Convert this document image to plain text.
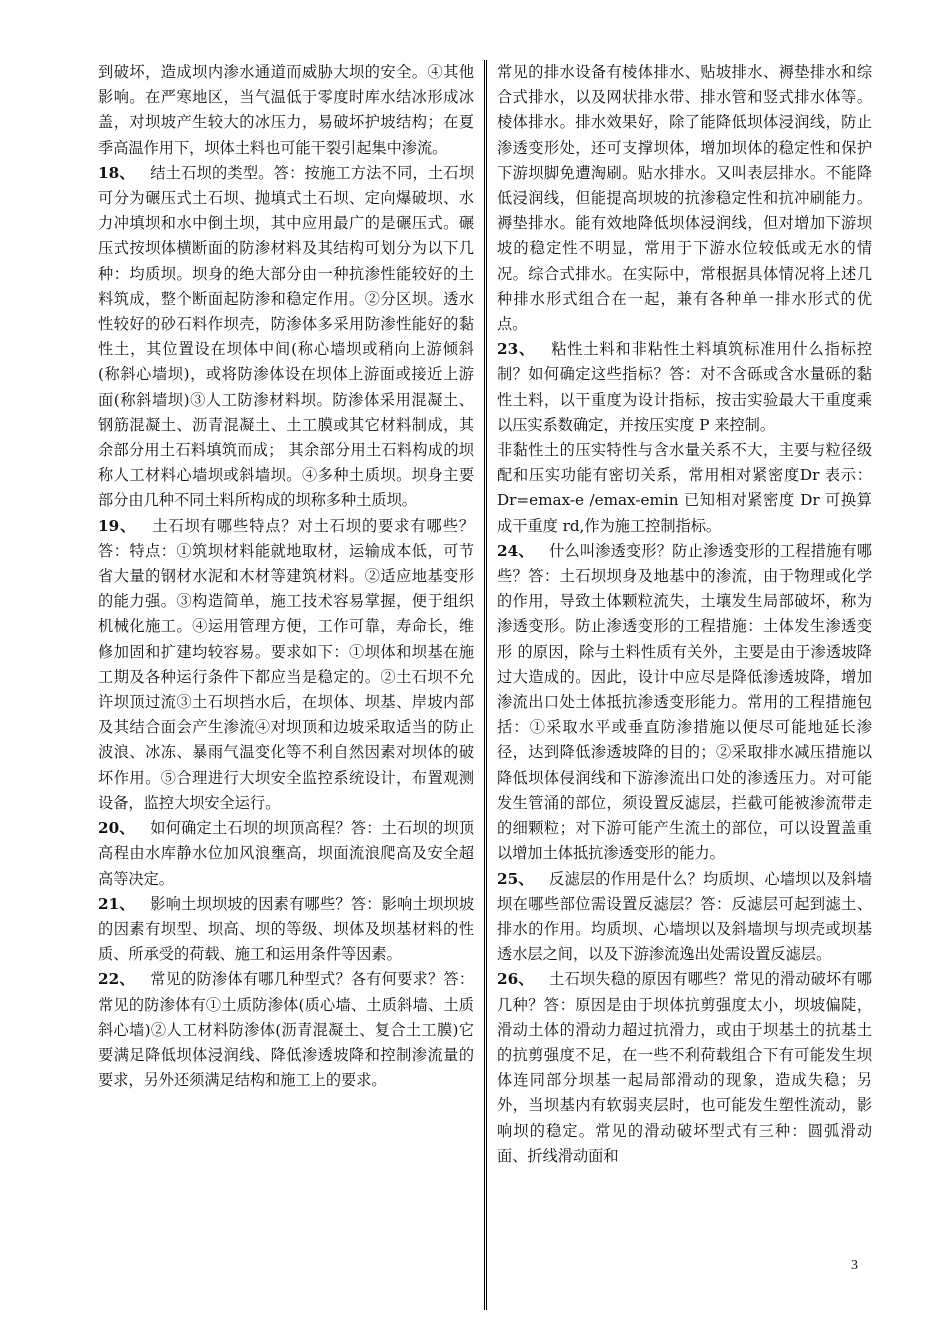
到破坏，造成坝内渗水通道而威胁大坝的安全。④其他影响。在严寒地区，当气温低于零度时库水结冰形成冰盖，对坝坡产生较大的冰压力，易破坏护坡结构；在夏季高温作用下，坝体土料也可能干裂引起集中渗流。

18、  结土石坝的类型。答：按施工方法不同，土石坝可分为碾压式土石坝、抛填式土石坝、定向爆破坝、水力冲填坝和水中倒土坝，其中应用最广的是碾压式。碾压式按坝体横断面的防渗材料及其结构可划分为以下几种：均质坝。坝身的绝大部分由一种抗渗性能较好的土料筑成，整个断面起防渗和稳定作用。②分区坝。透水性较好的砂石料作坝壳，防渗体多采用防渗性能好的黏性土，其位置设在坝体中间(称心墙坝或稍向上游倾斜(称斜心墙坝)，或将防渗体设在坝体上游面或接近上游面(称斜墙坝)③人工防渗材料坝。防渗体采用混凝土、钢筋混凝土、沥青混凝土、土工膜或其它材料制成，其余部分用土石料填筑而成； 其余部分用土石料构成的坝称人工材料心墙坝或斜墙坝。④多种土质坝。坝身主要部分由几种不同土料所构成的坝称多种土质坝。

19、  土石坝有哪些特点？对土石坝的要求有哪些？答：特点：①筑坝材料能就地取材，运输成本低，可节省大量的钢材水泥和木材等建筑材料。②适应地基变形的能力强。③构造简单，施工技术容易掌握，便于组织机械化施工。④运用管理方便，工作可靠，寿命长，维修加固和扩建均较容易。要求如下：①坝体和坝基在施工期及各种运行条件下都应当是稳定的。②土石坝不允许坝顶过流③土石坝挡水后，在坝体、坝基、岸坡内部及其结合面会产生渗流④对坝顶和边坡采取适当的防止波浪、冰冻、暴雨气温变化等不利自然因素对坝体的破坏作用。⑤合理进行大坝安全监控系统设计，布置观测设备，监控大坝安全运行。

20、  如何确定土石坝的坝顶高程？答：土石坝的坝顶高程由水库静水位加风浪壅高，坝面流浪爬高及安全超高等决定。

21、  影响土坝坝坡的因素有哪些？答：影响土坝坝坡的因素有坝型、坝高、坝的等级、坝体及坝基材料的性质、所承受的荷载、施工和运用条件等因素。

22、  常见的防渗体有哪几种型式？各有何要求？答：常见的防渗体有①土质防渗体(质心墙、土质斜墙、土质斜心墙)②人工材料防渗体(沥青混凝土、复合土工膜)它要满足降低坝体浸润线、降低渗透坡降和控制渗流量的要求，另外还须满足结构和施工上的要求。

常见的排水设备有棱体排水、贴坡排水、褥垫排水和综合式排水，以及网状排水带、排水管和竖式排水体等。棱体排水。排水效果好，除了能降低坝体浸润线，防止渗透变形处，还可支撑坝体，增加坝体的稳定性和保护下游坝脚免遭淘刷。贴水排水。又叫表层排水。不能降低浸润线，但能提高坝坡的抗渗稳定性和抗冲刷能力。褥垫排水。能有效地降低坝体浸润线，但对增加下游坝坡的稳定性不明显，常用于下游水位较低或无水的情况。综合式排水。在实际中，常根据具体情况将上述几种排水形式组合在一起，兼有各种单一排水形式的优点。

23、  粘性土料和非粘性土料填筑标准用什么指标控制？如何确定这些指标？答：对不含砾或含水量砾的黏性土料，以干重度为设计指标，按击实验最大干重度乘以压实系数确定，并按压实度 P 来控制。

非黏性土的压实特性与含水量关系不大，主要与粒径级配和压实功能有密切关系，常用相对紧密度Dr 表示：Dr=emax-e /emax-emin 已知相对紧密度 Dr 可换算成干重度 rd,作为施工控制指标。

24、  什么叫渗透变形？防止渗透变形的工程措施有哪些？答：土石坝坝身及地基中的渗流，由于物理或化学的作用，导致土体颗粒流失，土壤发生局部破坏，称为渗透变形。防止渗透变形的工程措施：土体发生渗透变形 的原因，除与土料性质有关外，主要是由于渗透坡降过大造成的。因此，设计中应尽是降低渗透坡降，增加渗流出口处土体抵抗渗透变形能力。常用的工程措施包括：①采取水平或垂直防渗措施以便尽可能地延长渗径，达到降低渗透坡降的目的；②采取排水减压措施以降低坝体侵润线和下游渗流出口处的渗透压力。对可能发生管涌的部位，须设置反滤层，拦截可能被渗流带走的细颗粒；对下游可能产生流土的部位，可以设置盖重以增加土体抵抗渗透变形的能力。

25、  反滤层的作用是什么？均质坝、心墙坝以及斜墙坝在哪些部位需设置反滤层？答：反滤层可起到滤土、排水的作用。均质坝、心墙坝以及斜墙坝与坝壳或坝基透水层之间，以及下游渗流逸出处需设置反滤层。

26、  土石坝失稳的原因有哪些？常见的滑动破坏有哪几种？答：原因是由于坝体抗剪强度太小，坝坡偏陡，滑动土体的滑动力超过抗滑力，或由于坝基土的抗基土 的抗剪强度不足，在一些不利荷载组合下有可能发生坝体连同部分坝基一起局部滑动的现象，造成失稳；另外，当坝基内有软弱夹层时，也可能发生塑性流动，影响坝的稳定。常见的滑动破坏型式有三种：圆弧滑动面、折线滑动面和

3
